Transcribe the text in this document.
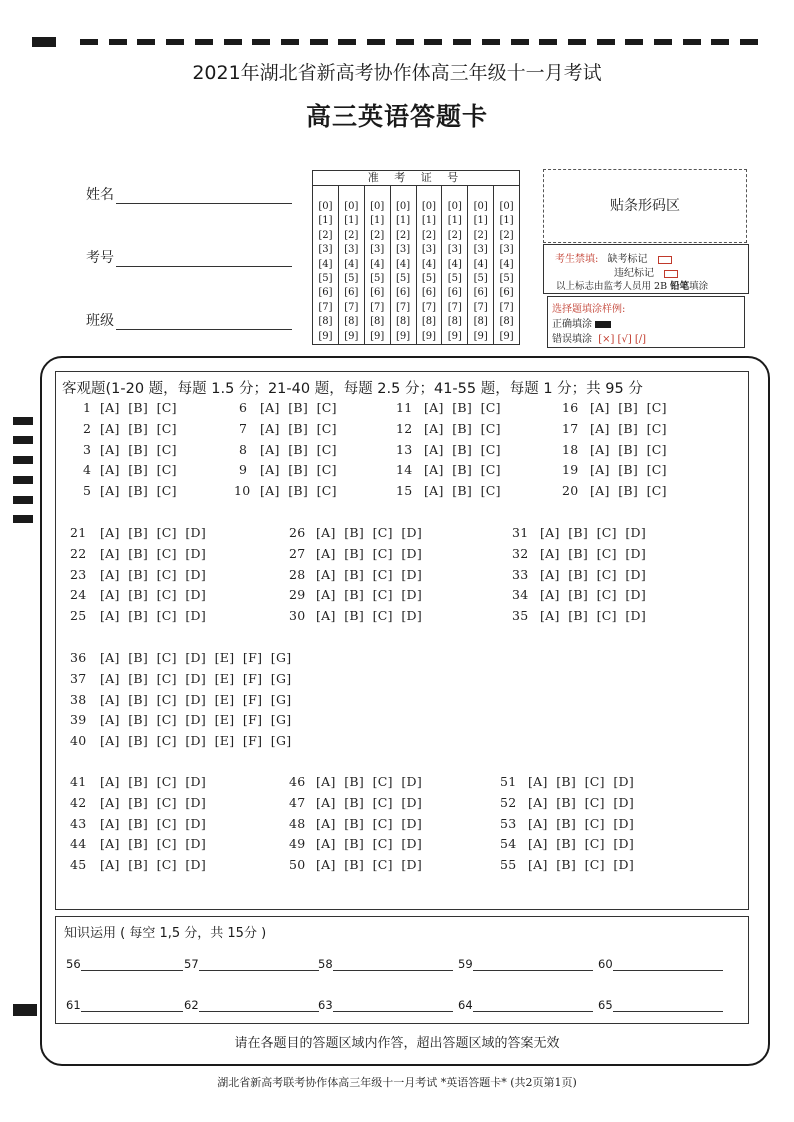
2021年湖北省新高考协作体高三年级十一月考试
高三英语答题卡
姓名
考号
班级
准 考 证 号
[0]
[1]
[2]
[3]
[4]
[5]
[6]
[7]
[8]
[9]
[0]
[1]
[2]
[3]
[4]
[5]
[6]
[7]
[8]
[9]
[0]
[1]
[2]
[3]
[4]
[5]
[6]
[7]
[8]
[9]
[0]
[1]
[2]
[3]
[4]
[5]
[6]
[7]
[8]
[9]
[0]
[1]
[2]
[3]
[4]
[5]
[6]
[7]
[8]
[9]
[0]
[1]
[2]
[3]
[4]
[5]
[6]
[7]
[8]
[9]
[0]
[1]
[2]
[3]
[4]
[5]
[6]
[7]
[8]
[9]
[0]
[1]
[2]
[3]
[4]
[5]
[6]
[7]
[8]
[9]
贴条形码区
考生禁填: 缺考标记
违纪标记
以上标志由监考人员用 2B 铅笔填涂
选择题填涂样例:
正确填涂
错误填涂 [×] [√] [/]
客观题(1-20 题，每题 1.5 分；21-40 题，每题 2.5 分；41-55 题，每题 1 分；共 95 分
1 [A]  [B]  [C]
2 [A]  [B]  [C]
3 [A]  [B]  [C]
4 [A]  [B]  [C]
5 [A]  [B]  [C]
6 [A]  [B]  [C]
7 [A]  [B]  [C]
8 [A]  [B]  [C]
9 [A]  [B]  [C]
10 [A]  [B]  [C]
11 [A]  [B]  [C]
12 [A]  [B]  [C]
13 [A]  [B]  [C]
14 [A]  [B]  [C]
15 [A]  [B]  [C]
16 [A]  [B]  [C]
17 [A]  [B]  [C]
18 [A]  [B]  [C]
19 [A]  [B]  [C]
20 [A]  [B]  [C]
21 [A]  [B]  [C]  [D]
22 [A]  [B]  [C]  [D]
23 [A]  [B]  [C]  [D]
24 [A]  [B]  [C]  [D]
25 [A]  [B]  [C]  [D]
26 [A]  [B]  [C]  [D]
27 [A]  [B]  [C]  [D]
28 [A]  [B]  [C]  [D]
29 [A]  [B]  [C]  [D]
30 [A]  [B]  [C]  [D]
31 [A]  [B]  [C]  [D]
32 [A]  [B]  [C]  [D]
33 [A]  [B]  [C]  [D]
34 [A]  [B]  [C]  [D]
35 [A]  [B]  [C]  [D]
36 [A]  [B]  [C]  [D]  [E]  [F]  [G]
37 [A]  [B]  [C]  [D]  [E]  [F]  [G]
38 [A]  [B]  [C]  [D]  [E]  [F]  [G]
39 [A]  [B]  [C]  [D]  [E]  [F]  [G]
40 [A]  [B]  [C]  [D]  [E]  [F]  [G]
41 [A]  [B]  [C]  [D]
42 [A]  [B]  [C]  [D]
43 [A]  [B]  [C]  [D]
44 [A]  [B]  [C]  [D]
45 [A]  [B]  [C]  [D]
46 [A]  [B]  [C]  [D]
47 [A]  [B]  [C]  [D]
48 [A]  [B]  [C]  [D]
49 [A]  [B]  [C]  [D]
50 [A]  [B]  [C]  [D]
51 [A]  [B]  [C]  [D]
52 [A]  [B]  [C]  [D]
53 [A]  [B]  [C]  [D]
54 [A]  [B]  [C]  [D]
55 [A]  [B]  [C]  [D]
知识运用 ( 每空 1,5 分，共 15分 )
56	57	58	59	60
61	62	63	64	65
请在各题目的答题区域内作答，超出答题区域的答案无效
湖北省新高考联考协作体高三年级十一月考试 *英语答题卡* (共2页第1页)
